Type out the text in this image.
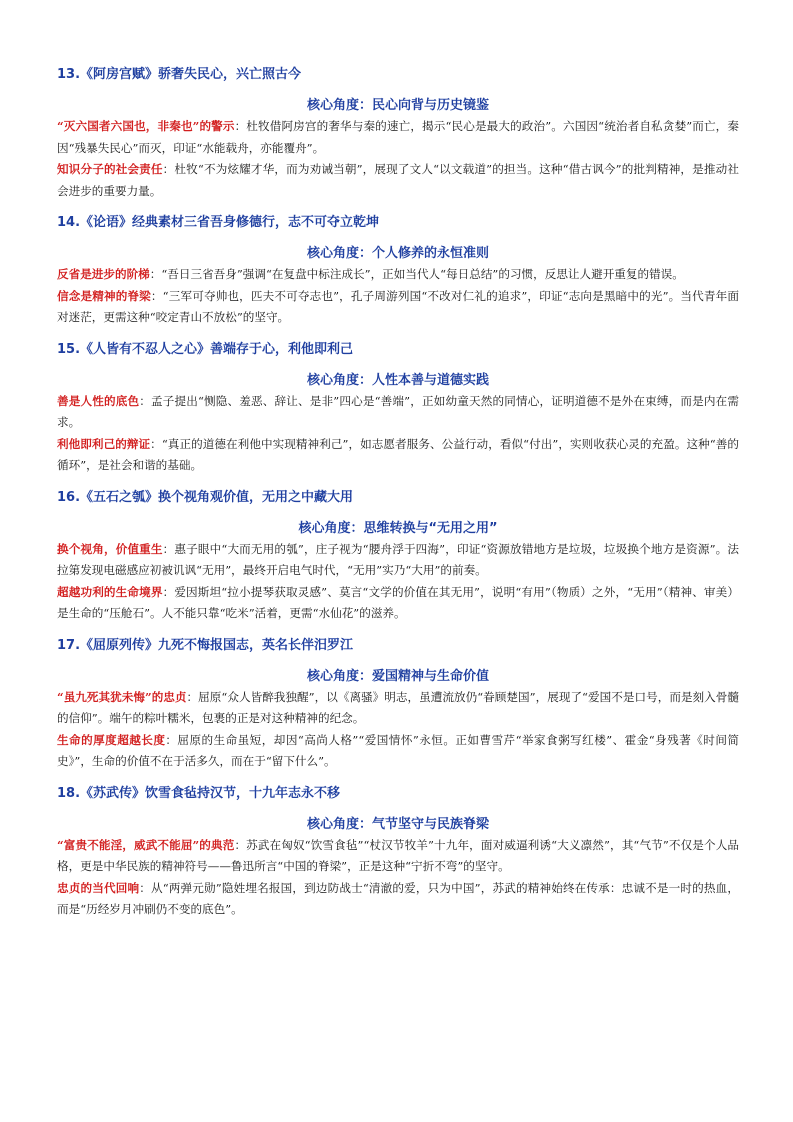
13.《阿房宫赋》骄奢失民心，兴亡照古今
核心角度：民心向背与历史镜鉴

“灭六国者六国也，非秦也”的警示：杜牧借阿房宫的奢华与秦的速亡，揭示“民心是最大的政治”。六国因“统治者自私贪婪”而亡，秦因“残暴失民心”而灭，印证“水能载舟，亦能覆舟”。

知识分子的社会责任：杜牧“不为炫耀才华，而为劝诫当朝”，展现了文人“以文载道”的担当。这种“借古讽今”的批判精神，是推动社会进步的重要力量。

14.《论语》经典素材三省吾身修德行，志不可夺立乾坤
核心角度：个人修养的永恒准则

反省是进步的阶梯：“吾日三省吾身”强调“在复盘中标注成长”，正如当代人“每日总结”的习惯，反思让人避开重复的错误。

信念是精神的脊梁：“三军可夺帅也，匹夫不可夺志也”，孔子周游列国“不改对仁礼的追求”，印证“志向是黑暗中的光”。当代青年面对迷茫，更需这种“咬定青山不放松”的坚守。

15.《人皆有不忍人之心》善端存于心，利他即利己
核心角度：人性本善与道德实践

善是人性的底色：孟子提出“恻隐、羞恶、辞让、是非”四心是“善端”，正如幼童天然的同情心，证明道德不是外在束缚，而是内在需求。

利他即利己的辩证：“真正的道德在利他中实现精神利己”，如志愿者服务、公益行动，看似“付出”，实则收获心灵的充盈。这种“善的循环”，是社会和谐的基础。

16.《五石之瓠》换个视角观价值，无用之中藏大用
核心角度：思维转换与“无用之用”

换个视角，价值重生：惠子眼中“大而无用的瓠”，庄子视为“腰舟浮于四海”，印证“资源放错地方是垃圾，垃圾换个地方是资源”。法拉第发现电磁感应初被讥讽“无用”，最终开启电气时代，“无用”实乃“大用”的前奏。

超越功利的生命境界：爱因斯坦“拉小提琴获取灵感”、莫言“文学的价值在其无用”，说明“有用”（物质）之外，“无用”（精神、审美）是生命的“压舱石”。人不能只靠“吃米”活着，更需“水仙花”的滋养。

17.《屈原列传》九死不悔报国志，英名长伴汨罗江
核心角度：爱国精神与生命价值

“虽九死其犹未悔”的忠贞：屈原“众人皆醉我独醒”，以《离骚》明志，虽遭流放仍“眷顾楚国”，展现了“爱国不是口号，而是刻入骨髓的信仰”。端午的粽叶糯米，包裹的正是对这种精神的纪念。

生命的厚度超越长度：屈原的生命虽短，却因“高尚人格”“爱国情怀”永恒。正如曹雪芹“举家食粥写红楼”、霍金“身残著《时间简史》”，生命的价值不在于活多久，而在于“留下什么”。

18.《苏武传》饮雪食毡持汉节，十九年志永不移
核心角度：气节坚守与民族脊梁

“富贵不能淫，威武不能屈”的典范：苏武在匈奴“饮雪食毡”“杖汉节牧羊”十九年，面对威逼利诱“大义凛然”，其“气节”不仅是个人品格，更是中华民族的精神符号——鲁迅所言“中国的脊梁”，正是这种“宁折不弯”的坚守。

忠贞的当代回响：从“两弹元勋”隐姓埋名报国，到边防战士“清澈的爱，只为中国”，苏武的精神始终在传承：忠诚不是一时的热血，而是“历经岁月冲刷仍不变的底色”。
